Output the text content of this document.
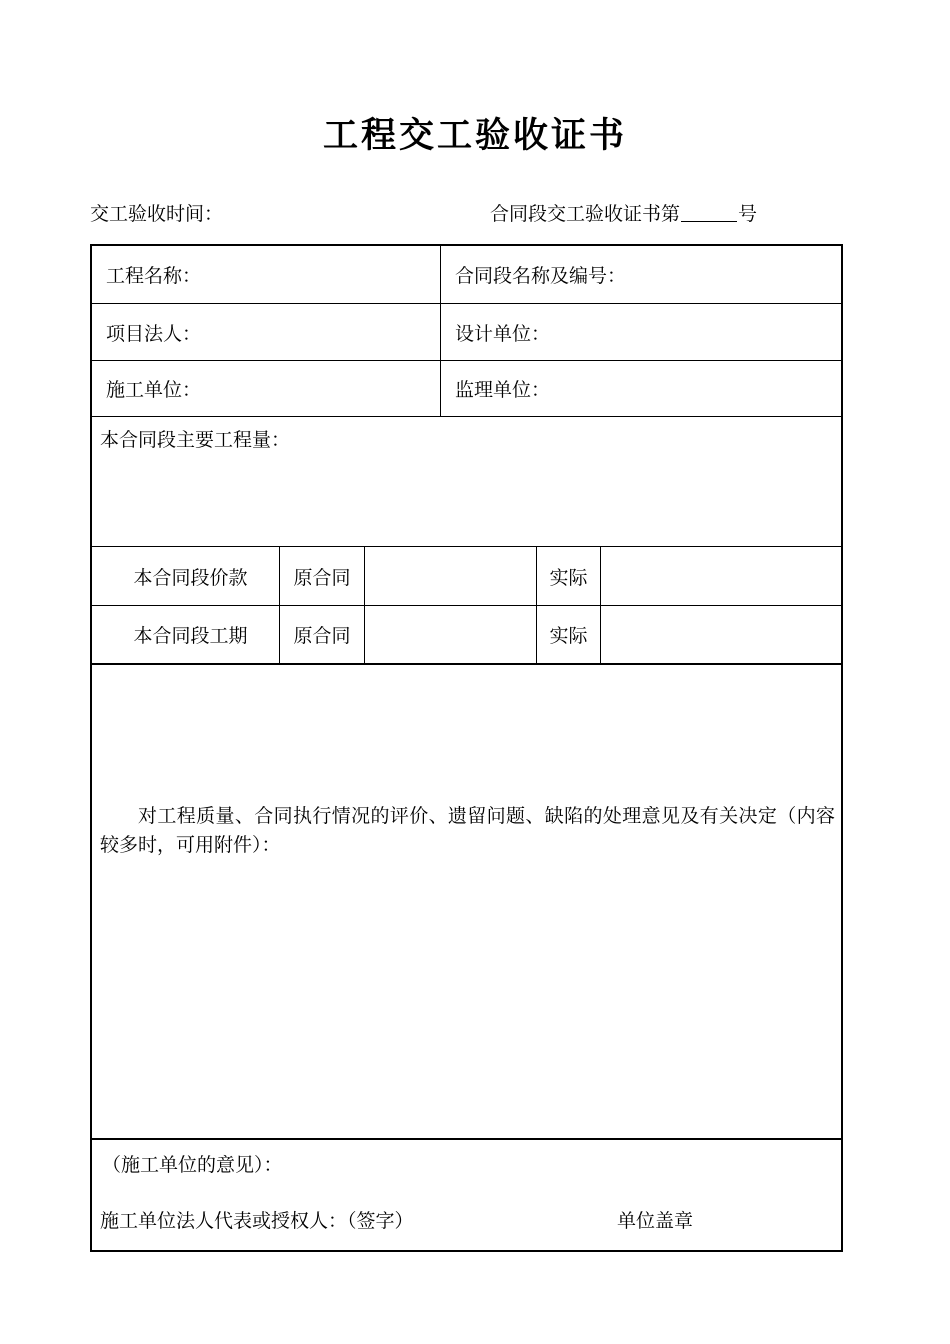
工程交工验收证书
交工验收时间：	合同段交工验收证书第	号
工程名称：	合同段名称及编号：
项目法人：	设计单位：
施工单位：	监理单位：
本合同段主要工程量：
本合同段价款	原合同	实际
本合同段工期	原合同	实际
对工程质量、合同执行情况的评价、遗留问题、缺陷的处理意见及有关决定（内容较多时，可用附件）：
（施工单位的意见）：
施工单位法人代表或授权人：（签字）	单位盖章
